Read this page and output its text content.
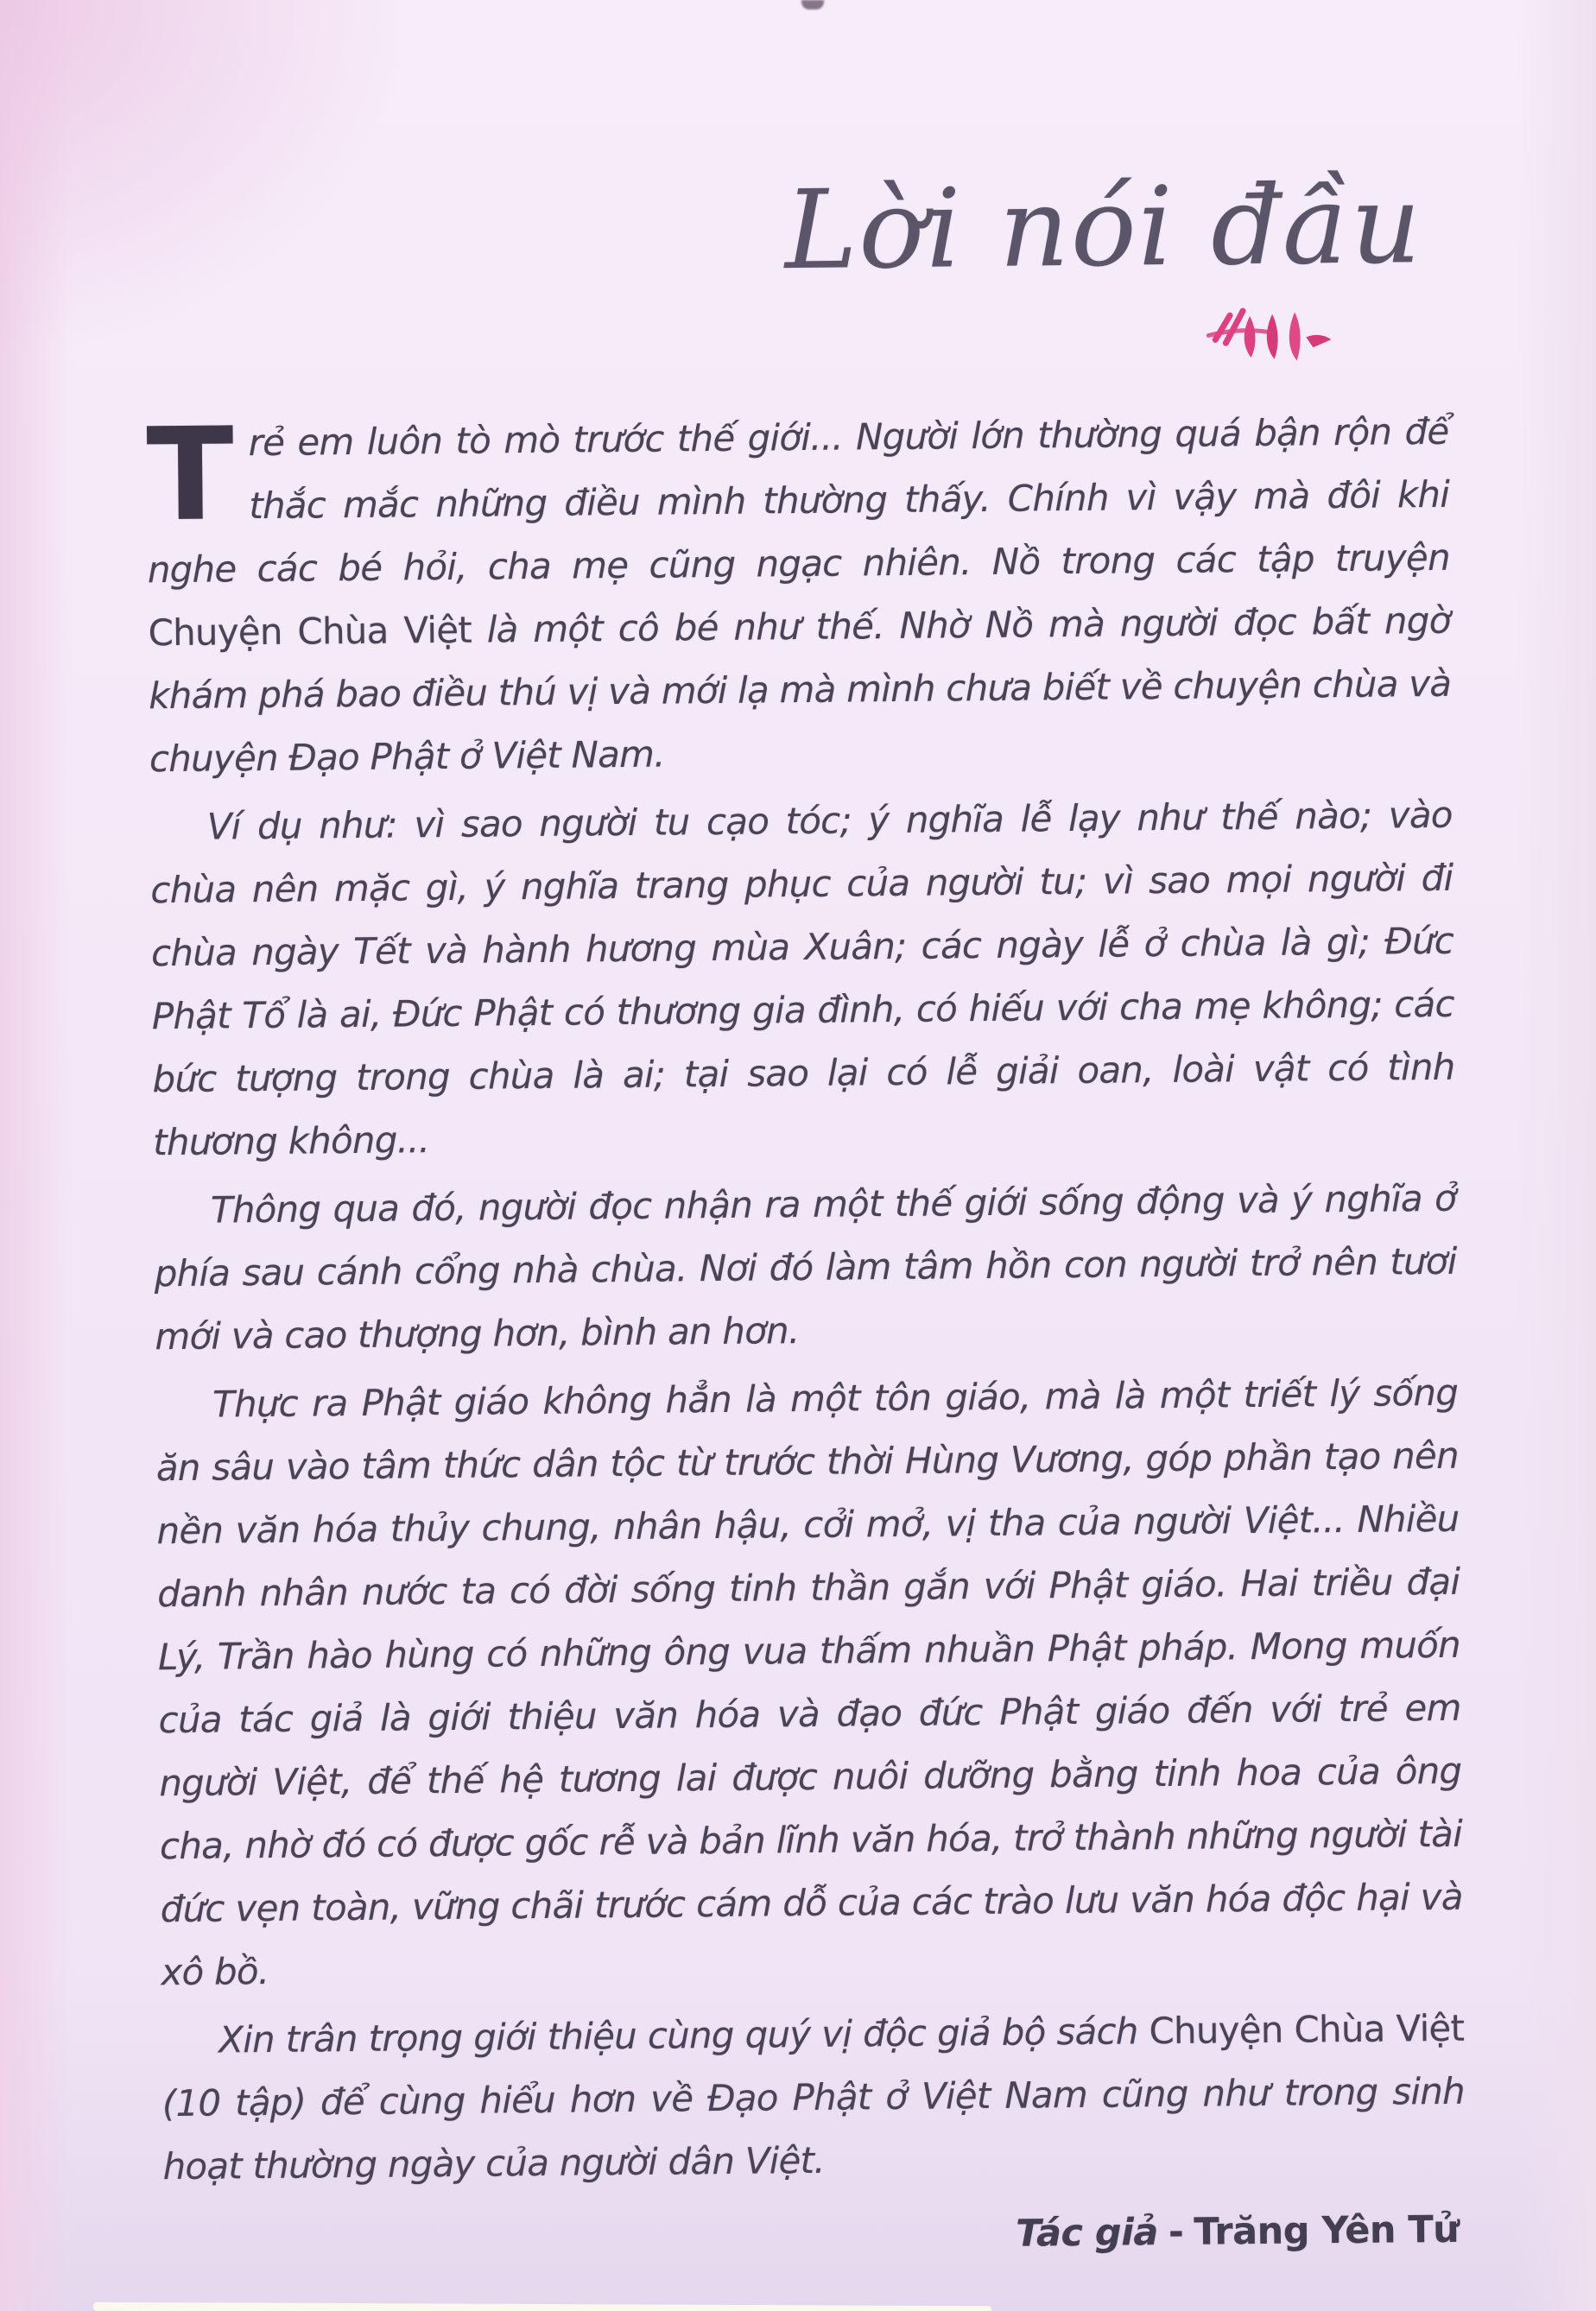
Lời nói đầu

Trẻ em luôn tò mò trước thế giới... Người lớn thường quá bận rộn để thắc mắc những điều mình thường thấy. Chính vì vậy mà đôi khi nghe các bé hỏi, cha mẹ cũng ngạc nhiên. Nồ trong các tập truyện Chuyện Chùa Việt là một cô bé như thế. Nhờ Nồ mà người đọc bất ngờ khám phá bao điều thú vị và mới lạ mà mình chưa biết về chuyện chùa và chuyện Đạo Phật ở Việt Nam.

Ví dụ như: vì sao người tu cạo tóc; ý nghĩa lễ lạy như thế nào; vào chùa nên mặc gì, ý nghĩa trang phục của người tu; vì sao mọi người đi chùa ngày Tết và hành hương mùa Xuân; các ngày lễ ở chùa là gì; Đức Phật Tổ là ai, Đức Phật có thương gia đình, có hiếu với cha mẹ không; các bức tượng trong chùa là ai; tại sao lại có lễ giải oan, loài vật có tình thương không...

Thông qua đó, người đọc nhận ra một thế giới sống động và ý nghĩa ở phía sau cánh cổng nhà chùa. Nơi đó làm tâm hồn con người trở nên tươi mới và cao thượng hơn, bình an hơn.

Thực ra Phật giáo không hẳn là một tôn giáo, mà là một triết lý sống ăn sâu vào tâm thức dân tộc từ trước thời Hùng Vương, góp phần tạo nên nền văn hóa thủy chung, nhân hậu, cởi mở, vị tha của người Việt... Nhiều danh nhân nước ta có đời sống tinh thần gắn với Phật giáo. Hai triều đại Lý, Trần hào hùng có những ông vua thấm nhuần Phật pháp. Mong muốn của tác giả là giới thiệu văn hóa và đạo đức Phật giáo đến với trẻ em người Việt, để thế hệ tương lai được nuôi dưỡng bằng tinh hoa của ông cha, nhờ đó có được gốc rễ và bản lĩnh văn hóa, trở thành những người tài đức vẹn toàn, vững chãi trước cám dỗ của các trào lưu văn hóa độc hại và xô bồ.

Xin trân trọng giới thiệu cùng quý vị độc giả bộ sách Chuyện Chùa Việt (10 tập) để cùng hiểu hơn về Đạo Phật ở Việt Nam cũng như trong sinh hoạt thường ngày của người dân Việt.

Tác giả - Trăng Yên Tử
